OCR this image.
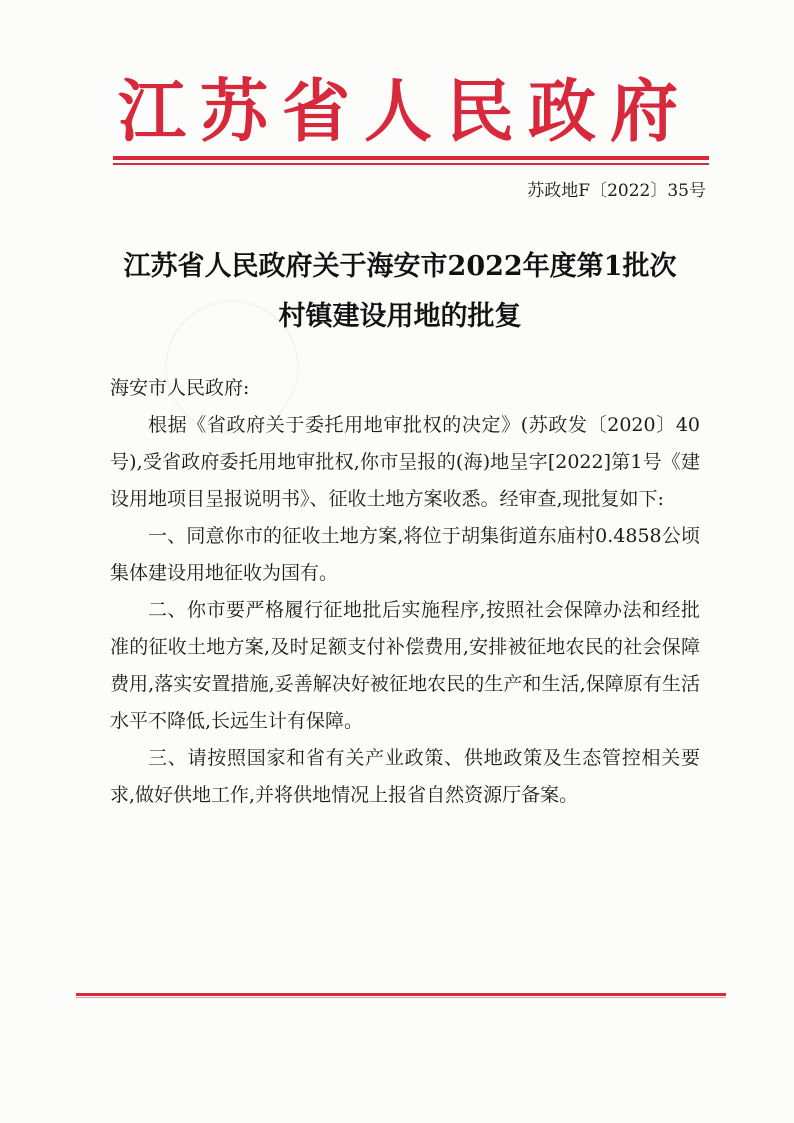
江苏省人民政府
苏政地F〔2022〕35号
江苏省人民政府关于海安市2022年度第1批次
村镇建设用地的批复

海安市人民政府:

根据《省政府关于委托用地审批权的决定》(苏政发〔2020〕40号),受省政府委托用地审批权,你市呈报的(海)地呈字[2022]第1号《建设用地项目呈报说明书》、征收土地方案收悉。经审查,现批复如下:

一、同意你市的征收土地方案,将位于胡集街道东庙村0.4858公顷集体建设用地征收为国有。

二、你市要严格履行征地批后实施程序,按照社会保障办法和经批准的征收土地方案,及时足额支付补偿费用,安排被征地农民的社会保障费用,落实安置措施,妥善解决好被征地农民的生产和生活,保障原有生活水平不降低,长远生计有保障。

三、请按照国家和省有关产业政策、供地政策及生态管控相关要求,做好供地工作,并将供地情况上报省自然资源厅备案。
